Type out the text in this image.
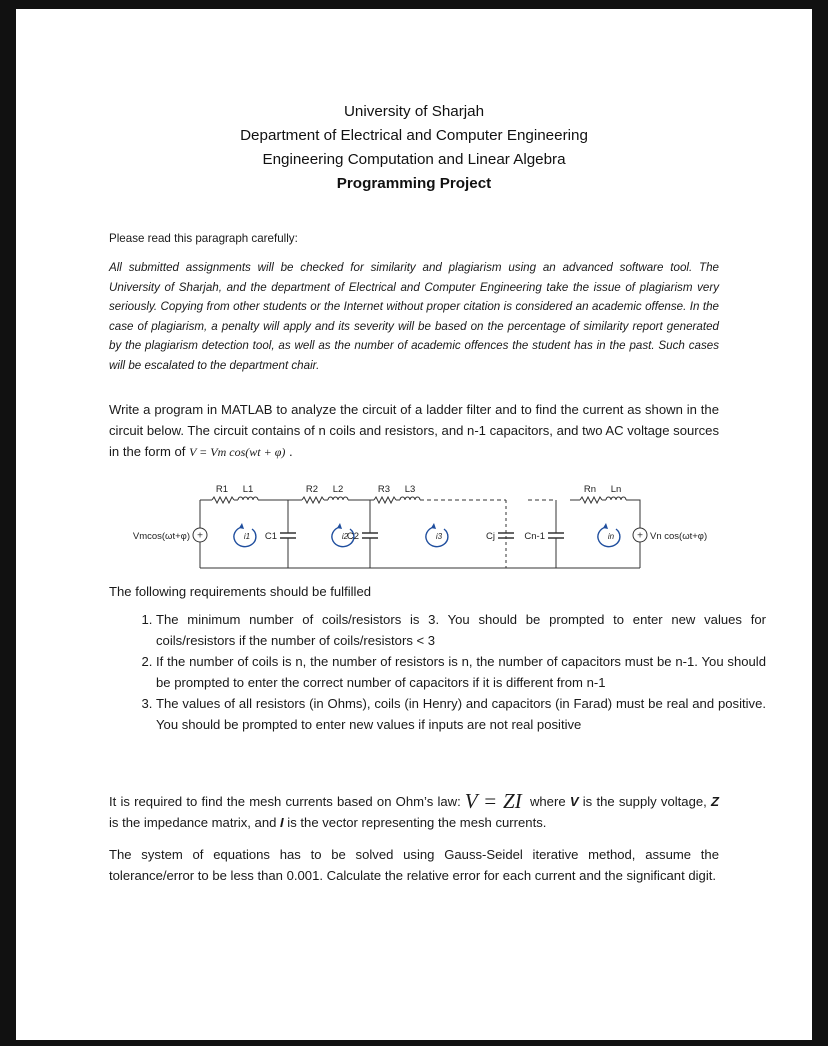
University of Sharjah
Department of Electrical and Computer Engineering
Engineering Computation and Linear Algebra
Programming Project

Please read this paragraph carefully:

All submitted assignments will be checked for similarity and plagiarism using an advanced software tool. The University of Sharjah, and the department of Electrical and Computer Engineering take the issue of plagiarism very seriously. Copying from other students or the Internet without proper citation is considered an academic offense. In the case of plagiarism, a penalty will apply and its severity will be based on the percentage of similarity report generated by the plagiarism detection tool, as well as the number of academic offences the student has in the past. Such cases will be escalated to the department chair.

Write a program in MATLAB to analyze the circuit of a ladder filter and to find the current as shown in the circuit below. The circuit contains of n coils and resistors, and n-1 capacitors, and two AC voltage sources in the form of V = Vm cos(wt + φ) .

+	+
R1 L1	R2 L2	R3 L3	Rn Ln
C1	C2	Cj	Cn-1
Vmcos(ωt+φ)	Vn cos(ωt+φ)
i1	i2	i3	in

The following requirements should be fulfilled

1. The minimum number of coils/resistors is 3. You should be prompted to enter new values for coils/resistors if the number of coils/resistors < 3
2. If the number of coils is n, the number of resistors is n, the number of capacitors must be n-1. You should be prompted to enter the correct number of capacitors if it is different from n-1
3. The values of all resistors (in Ohms), coils (in Henry) and capacitors (in Farad) must be real and positive. You should be prompted to enter new values if inputs are not real positive

It is required to find the mesh currents based on Ohm’s law: V = ZI where V is the supply voltage, Z is the impedance matrix, and I is the vector representing the mesh currents.

The system of equations has to be solved using Gauss-Seidel iterative method, assume the tolerance/error to be less than 0.001. Calculate the relative error for each current and the significant digit.
